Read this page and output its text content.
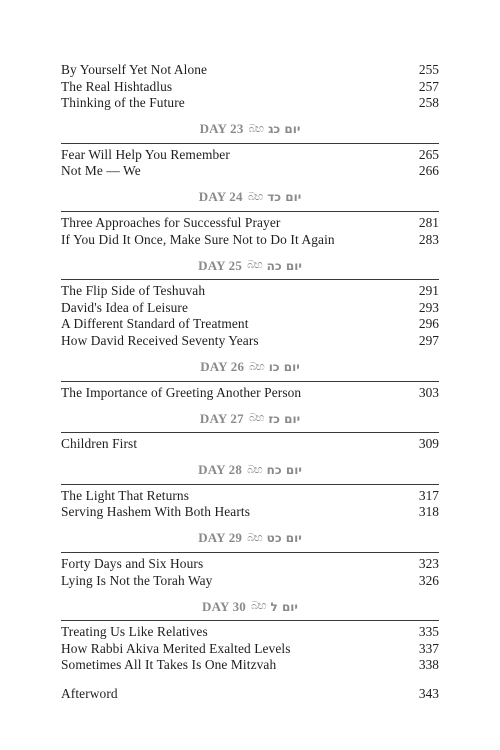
By Yourself Yet Not Alone	255
The Real Hishtadlus	257
Thinking of the Future	258
DAY 23 බභ יום כג
Fear Will Help You Remember	265
Not Me — We	266
DAY 24 බභ יום כד
Three Approaches for Successful Prayer	281
If You Did It Once, Make Sure Not to Do It Again	283
DAY 25 බභ יום כה
The Flip Side of Teshuvah	291
David's Idea of Leisure	293
A Different Standard of Treatment	296
How David Received Seventy Years	297
DAY 26 බභ יום כו
The Importance of Greeting Another Person	303
DAY 27 බභ יום כז
Children First	309
DAY 28 බභ יום כח
The Light That Returns	317
Serving Hashem With Both Hearts	318
DAY 29 බභ יום כט
Forty Days and Six Hours	323
Lying Is Not the Torah Way	326
DAY 30 බභ יום ל
Treating Us Like Relatives	335
How Rabbi Akiva Merited Exalted Levels	337
Sometimes All It Takes Is One Mitzvah	338
Afterword	343
